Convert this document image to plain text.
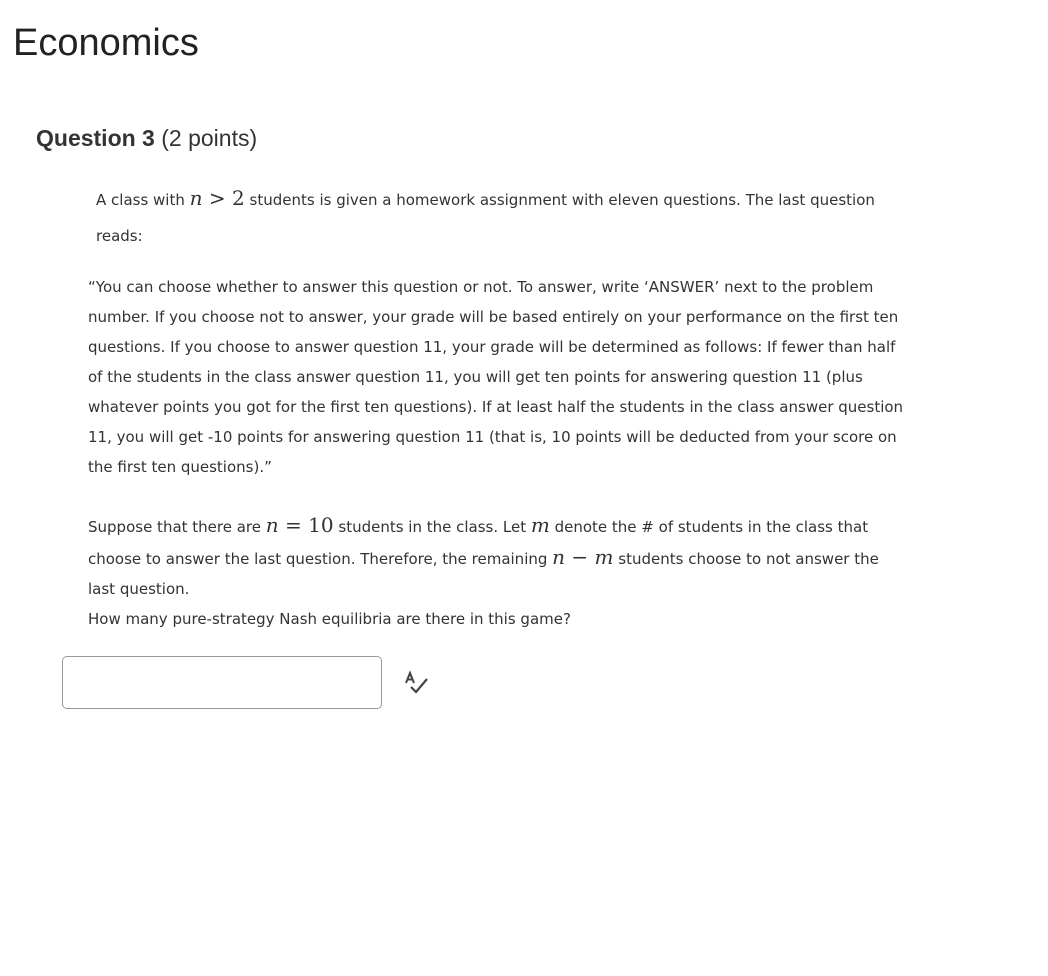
Economics
Question 3 (2 points)
A class with n > 2 students is given a homework assignment with eleven questions. The last question
reads:
“You can choose whether to answer this question or not. To answer, write ‘ANSWER’ next to the problem
number. If you choose not to answer, your grade will be based entirely on your performance on the first ten
questions. If you choose to answer question 11, your grade will be determined as follows: If fewer than half
of the students in the class answer question 11, you will get ten points for answering question 11 (plus
whatever points you got for the first ten questions). If at least half the students in the class answer question
11, you will get -10 points for answering question 11 (that is, 10 points will be deducted from your score on
the first ten questions).”
Suppose that there are n = 10 students in the class. Let m denote the # of students in the class that
choose to answer the last question. Therefore, the remaining n − m students choose to not answer the
last question.
How many pure-strategy Nash equilibria are there in this game?
